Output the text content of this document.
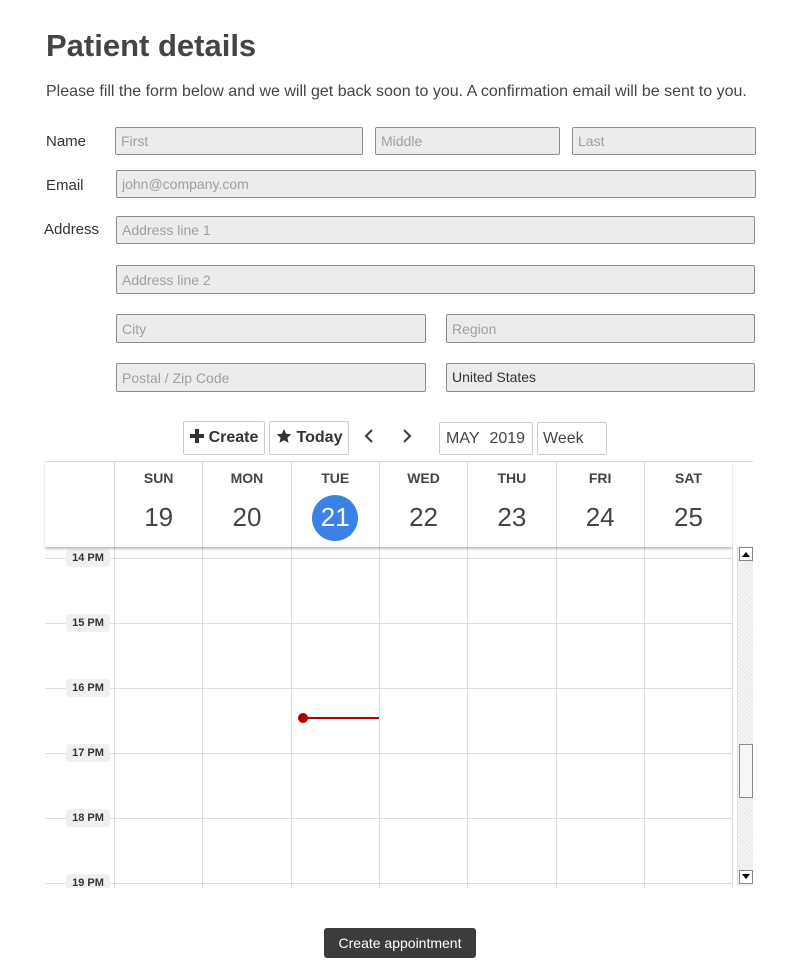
Patient details
Please fill the form below and we will get back soon to you. A confirmation email will be sent to you.
Name
First
Middle
Last
Email
john@company.com
Address
Address line 1
Address line 2
City
Region
Postal / Zip Code
United States
Create Today	MAY 2019 Week
SUN
19
MON
20
TUE
21
WED
22
THU
23
FRI
24
SAT
25
14 PM
15 PM
16 PM
17 PM
18 PM
19 PM
Create appointment
